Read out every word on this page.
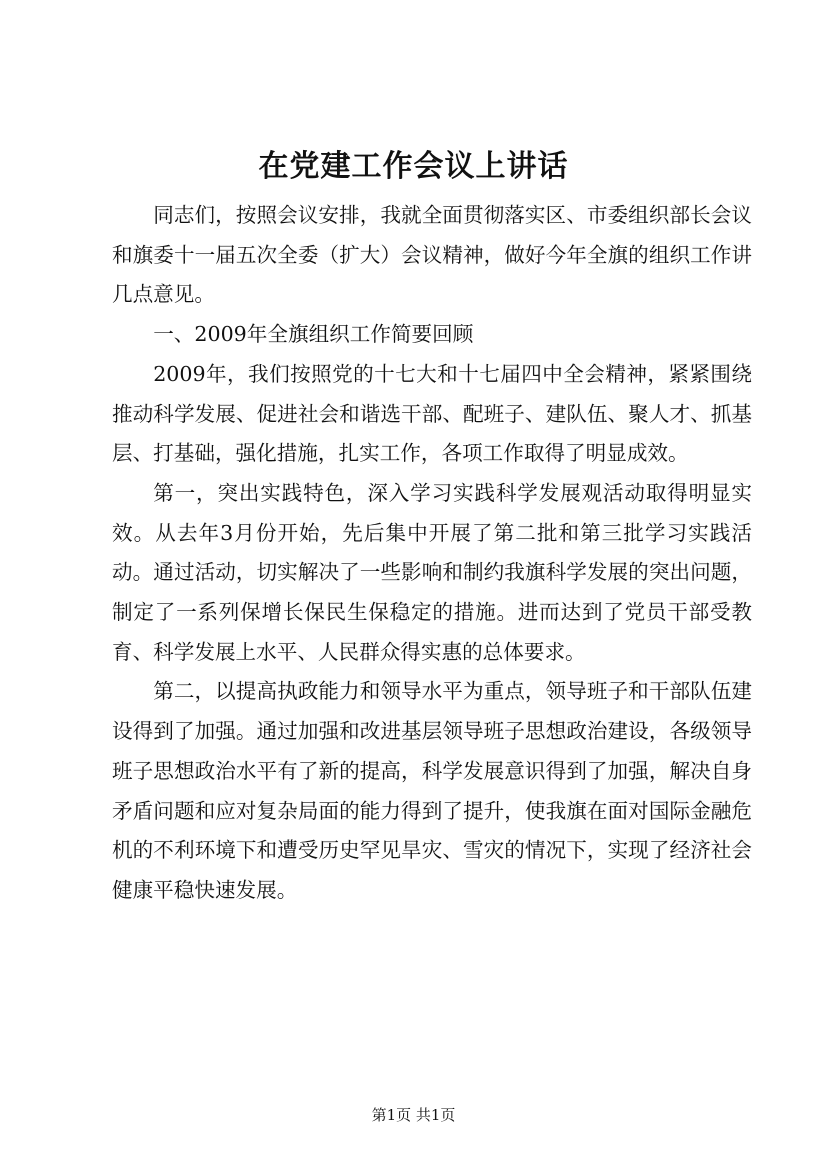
在党建工作会议上讲话

同志们，按照会议安排，我就全面贯彻落实区、市委组织部长会议和旗委十一届五次全委（扩大）会议精神，做好今年全旗的组织工作讲几点意见。

一、2009年全旗组织工作简要回顾

2009年，我们按照党的十七大和十七届四中全会精神，紧紧围绕推动科学发展、促进社会和谐选干部、配班子、建队伍、聚人才、抓基层、打基础，强化措施，扎实工作，各项工作取得了明显成效。

第一，突出实践特色，深入学习实践科学发展观活动取得明显实效。从去年3月份开始，先后集中开展了第二批和第三批学习实践活动。通过活动，切实解决了一些影响和制约我旗科学发展的突出问题，制定了一系列保增长保民生保稳定的措施。进而达到了党员干部受教育、科学发展上水平、人民群众得实惠的总体要求。

第二，以提高执政能力和领导水平为重点，领导班子和干部队伍建设得到了加强。通过加强和改进基层领导班子思想政治建设，各级领导班子思想政治水平有了新的提高，科学发展意识得到了加强，解决自身矛盾问题和应对复杂局面的能力得到了提升，使我旗在面对国际金融危机的不利环境下和遭受历史罕见旱灾、雪灾的情况下，实现了经济社会健康平稳快速发展。

第1页 共1页
